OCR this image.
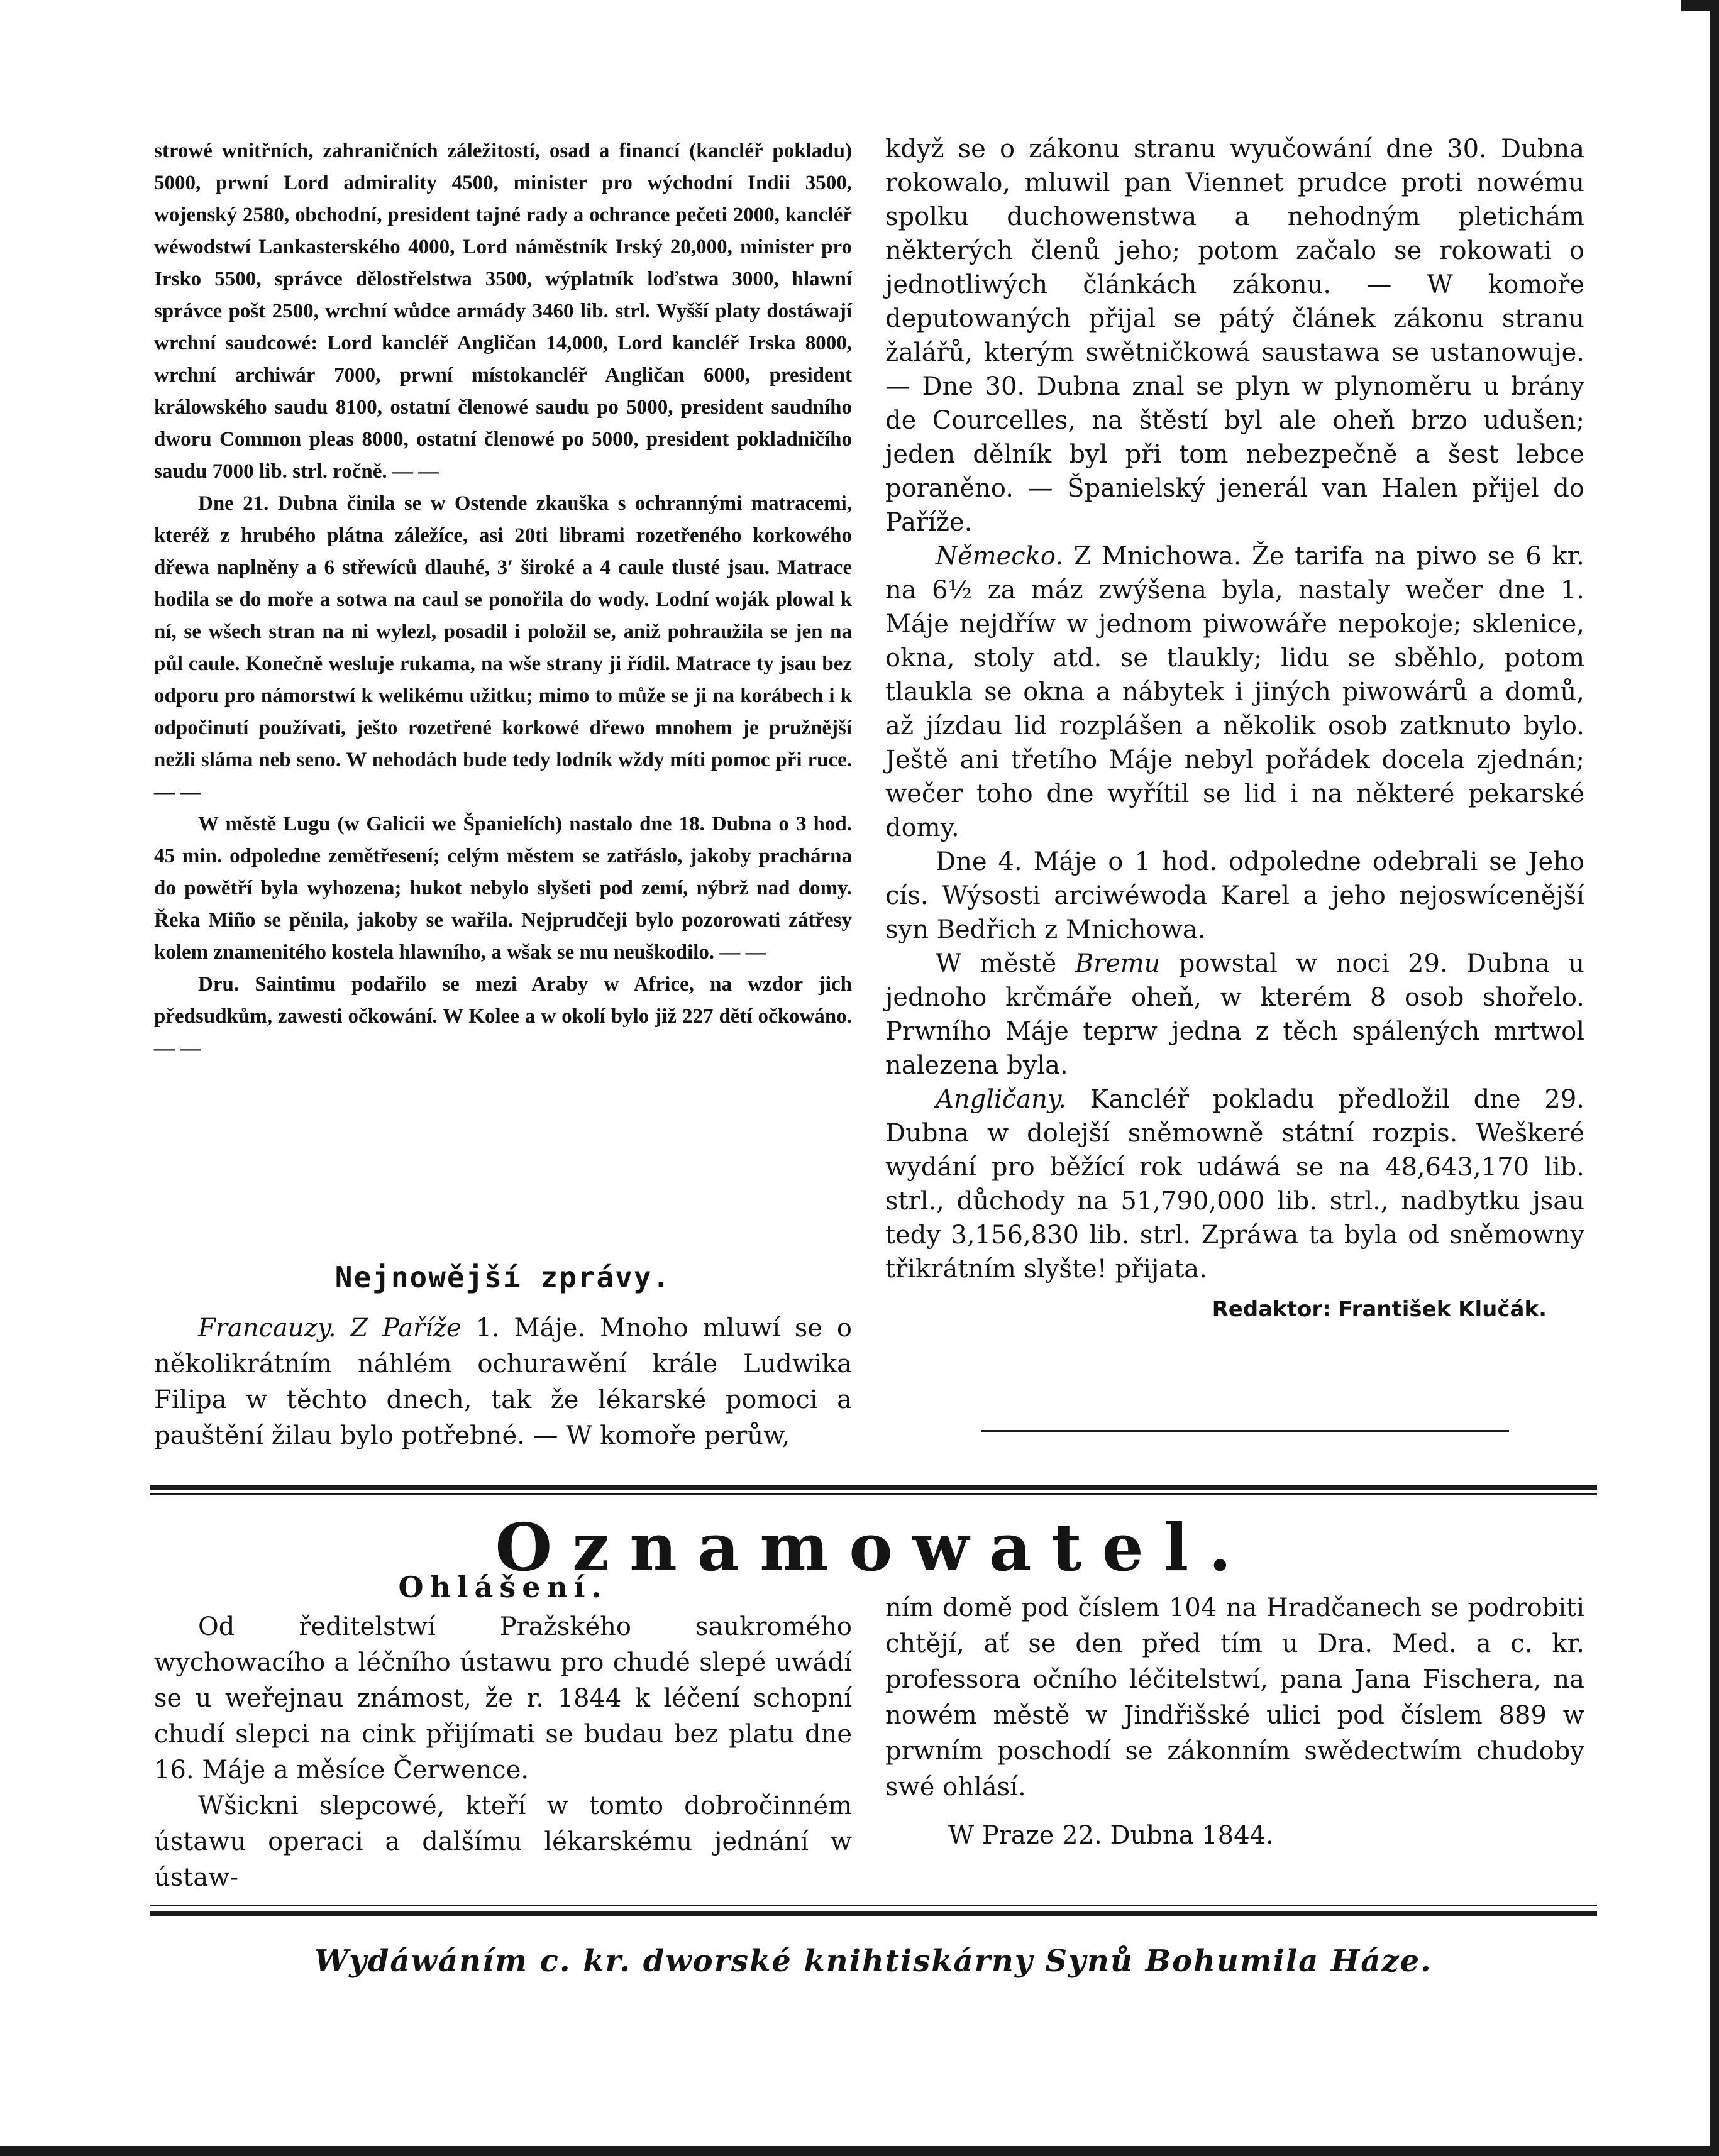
strowé wnitřních, zahraničních záležitostí, osad a financí (kancléř pokladu) 5000, prwní Lord admirality 4500, minister pro wýchodní Indii 3500, wojenský 2580, obchodní, president tajné rady a ochrance pečeti 2000, kancléř wéwodstwí Lankasterského 4000, Lord náměstník Irský 20,000, minister pro Irsko 5500, správce dělostřelstwa 3500, wýplatník loďstwa 3000, hlawní správce pošt 2500, wrchní wůdce armády 3460 lib. strl. Wyšší platy dostáwají wrchní saudcowé: Lord kancléř Angličan 14,000, Lord kancléř Irska 8000, wrchní archiwár 7000, prwní místokancléř Angličan 6000, president králowského saudu 8100, ostatní členowé saudu po 5000, president saudního dworu Common pleas 8000, ostatní členowé po 5000, president pokladničího saudu 7000 lib. strl. ročně. — —

Dne 21. Dubna činila se w Ostende zkauška s ochrannými matracemi, kteréž z hrubého plátna záležíce, asi 20ti librami rozetřeného korkowého dřewa naplněny a 6 střewíců dlauhé, 3′ široké a 4 caule tlusté jsau. Matrace hodila se do moře a sotwa na caul se ponořila do wody. Lodní woják plowal k ní, se wšech stran na ni wylezl, posadil i položil se, aniž pohraužila se jen na půl caule. Konečně wesluje rukama, na wše strany ji řídil. Matrace ty jsau bez odporu pro námorstwí k welikému užitku; mimo to může se ji na korábech i k odpočinutí používati, ješto rozetřené korkowé dřewo mnohem je pružnější nežli sláma neb seno. W nehodách bude tedy lodník wždy míti pomoc při ruce. — —

W městě Lugu (w Galicii we Španielích) nastalo dne 18. Dubna o 3 hod. 45 min. odpoledne zemětřesení; celým městem se zatřáslo, jakoby prachárna do powětří byla wyhozena; hukot nebylo slyšeti pod zemí, nýbrž nad domy. Řeka Miño se pěnila, jakoby se wařila. Nejprudčeji bylo pozorowati zátřesy kolem znamenitého kostela hlawního, a wšak se mu neuškodilo. — —

Dru. Saintimu podařilo se mezi Araby w Africe, na wzdor jich předsudkům, zawesti očkowání. W Kolee a w okolí bylo již 227 dětí očkowáno. — —

Nejnowější zprávy.
Francauzy. Z Paříže 1. Máje. Mnoho mluwí se o několikrátním náhlém ochurawění krále Ludwika Filipa w těchto dnech, tak že lékarské pomoci a pauštění žilau bylo potřebné. — W komoře perůw,

když se o zákonu stranu wyučowání dne 30. Dubna rokowalo, mluwil pan Viennet prudce proti nowému spolku duchowenstwa a nehodným pletichám některých členů jeho; potom začalo se rokowati o jednotliwých článkách zákonu. — W komoře deputowaných přijal se pátý článek zákonu stranu žalářů, kterým swětničkowá saustawa se ustanowuje. — Dne 30. Dubna znal se plyn w plynoměru u brány de Courcelles, na štěstí byl ale oheň brzo udušen; jeden dělník byl při tom nebezpečně a šest lebce poraněno. — Španielský jenerál van Halen přijel do Paříže.

Německo. Z Mnichowa. Že tarifa na piwo se 6 kr. na 6½ za máz zwýšena byla, nastaly wečer dne 1. Máje nejdříw w jednom piwowáře nepokoje; sklenice, okna, stoly atd. se tlaukly; lidu se sběhlo, potom tlaukla se okna a nábytek i jiných piwowárů a domů, až jízdau lid rozplášen a několik osob zatknuto bylo. Ještě ani třetího Máje nebyl pořádek docela zjednán; wečer toho dne wyřítil se lid i na některé pekarské domy.

Dne 4. Máje o 1 hod. odpoledne odebrali se Jeho cís. Wýsosti arciwéwoda Karel a jeho nejoswícenější syn Bedřich z Mnichowa.

W městě Bremu powstal w noci 29. Dubna u jednoho krčmáře oheň, w kterém 8 osob shořelo. Prwního Máje teprw jedna z těch spálených mrtwol nalezena byla.

Angličany. Kancléř pokladu předložil dne 29. Dubna w dolejší sněmowně státní rozpis. Weškeré wydání pro běžící rok udáwá se na 48,643,170 lib. strl., důchody na 51,790,000 lib. strl., nadbytku jsau tedy 3,156,830 lib. strl. Zpráwa ta byla od sněmowny třikrátním slyšte! přijata.

Redaktor: František Klučák.

Oznamowatel.
Ohlášení.

Od ředitelstwí Pražského saukromého wychowacího a léčního ústawu pro chudé slepé uwádí se u weřejnau známost, že r. 1844 k léčení schopní chudí slepci na cink přijímati se budau bez platu dne 16. Máje a měsíce Čerwence.

Wšickni slepcowé, kteří w tomto dobročinném ústawu operaci a dalšímu lékarskému jednání w ústaw-

ním domě pod číslem 104 na Hradčanech se podrobiti chtějí, ať se den před tím u Dra. Med. a c. kr. professora očního léčitelstwí, pana Jana Fischera, na nowém městě w Jindřišské ulici pod číslem 889 w prwním poschodí se zákonním swědectwím chudoby swé ohlásí.

W Praze 22. Dubna 1844.

Wydáwáním c. kr. dworské knihtiskárny Synů Bohumila Háze.
